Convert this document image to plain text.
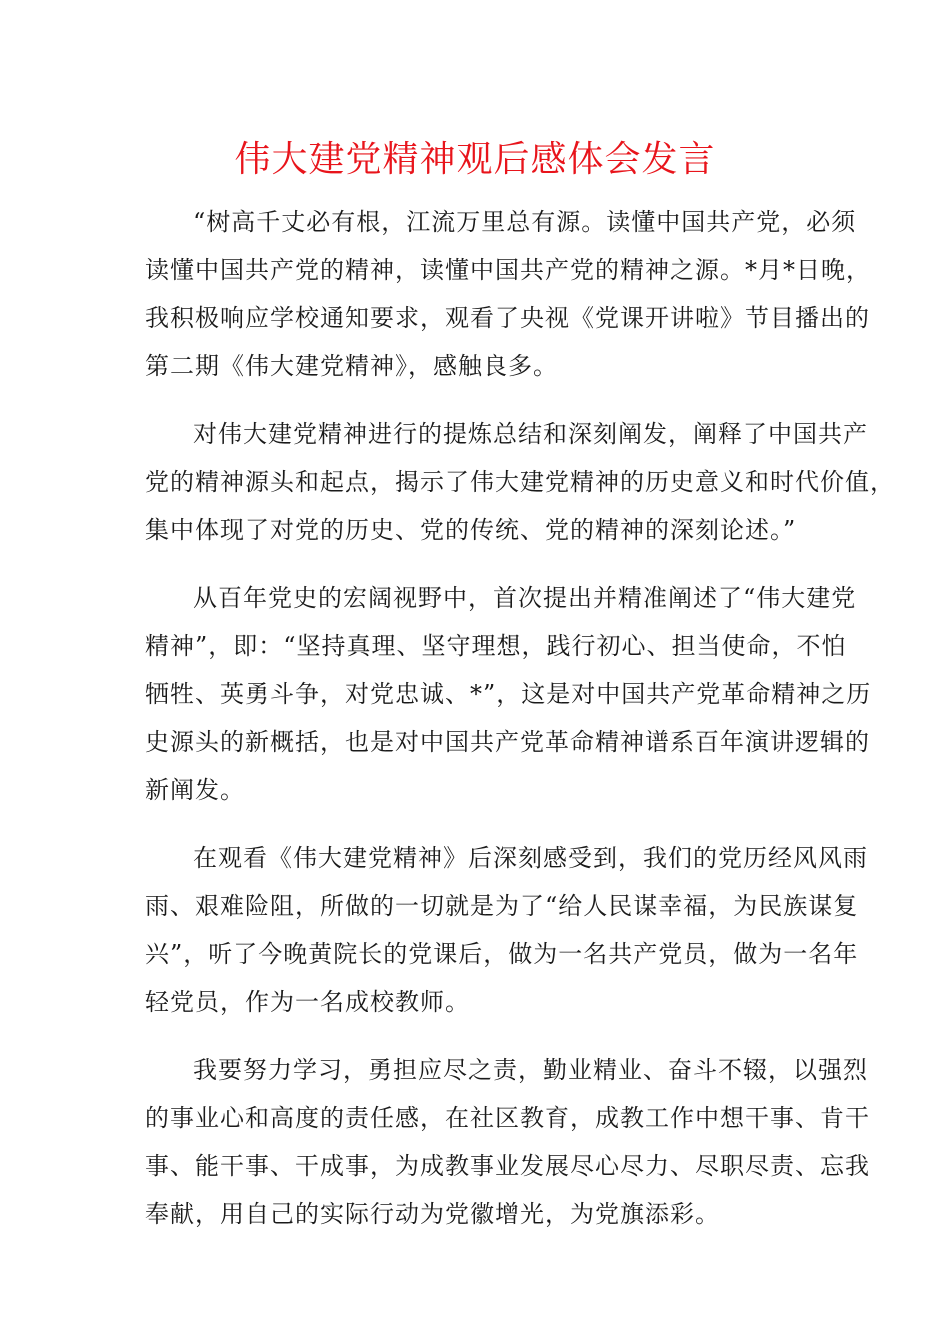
伟大建党精神观后感体会发言
“树高千丈必有根，江流万里总有源。读懂中国共产党，必须
读懂中国共产党的精神，读懂中国共产党的精神之源。*月*日晚，
我积极响应学校通知要求，观看了央视《党课开讲啦》节目播出的
第二期《伟大建党精神》，感触良多。
对伟大建党精神进行的提炼总结和深刻阐发，阐释了中国共产
党的精神源头和起点，揭示了伟大建党精神的历史意义和时代价值，
集中体现了对党的历史、党的传统、党的精神的深刻论述。”
从百年党史的宏阔视野中，首次提出并精准阐述了“伟大建党
精神”，即：“坚持真理、坚守理想，践行初心、担当使命，不怕
牺牲、英勇斗争，对党忠诚、*”，这是对中国共产党革命精神之历
史源头的新概括，也是对中国共产党革命精神谱系百年演讲逻辑的
新阐发。
在观看《伟大建党精神》后深刻感受到，我们的党历经风风雨
雨、艰难险阻，所做的一切就是为了“给人民谋幸福，为民族谋复
兴”，听了今晚黄院长的党课后，做为一名共产党员，做为一名年
轻党员，作为一名成校教师。
我要努力学习，勇担应尽之责，勤业精业、奋斗不辍，以强烈
的事业心和高度的责任感，在社区教育，成教工作中想干事、肯干
事、能干事、干成事，为成教事业发展尽心尽力、尽职尽责、忘我
奉献，用自己的实际行动为党徽增光，为党旗添彩。
